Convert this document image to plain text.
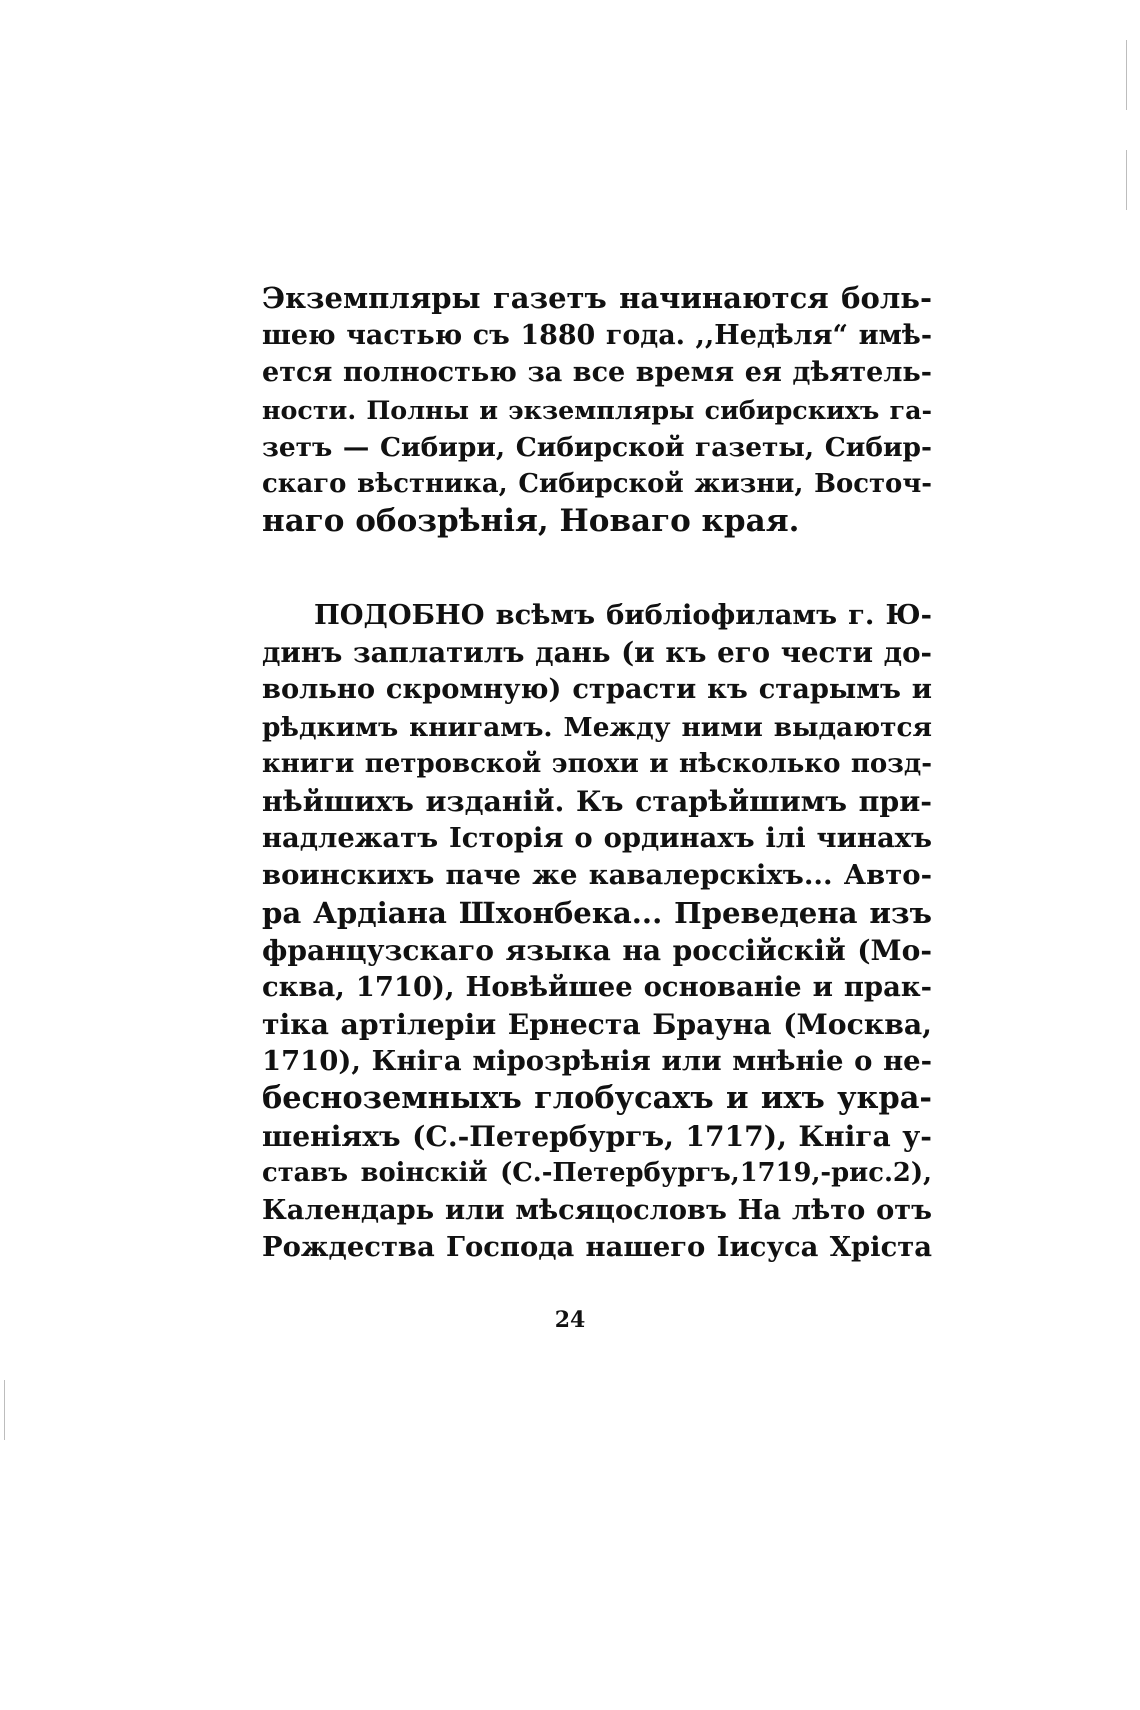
Экземпляры газетъ начинаются боль-
шею частью съ 1880 года. ,,Недѣля“ имѣ-
ется полностью за все время ея дѣятель-
ности. Полны и экземпляры сибирскихъ га-
зетъ — Сибири, Сибирской газеты, Сибир-
скаго вѣстника, Сибирской жизни, Восточ-
наго обозрѣнія, Новаго края.
ПОДОБНО всѣмъ библіофиламъ г. Ю-
динъ заплатилъ дань (и къ его чести до-
вольно скромную) страсти къ старымъ и
рѣдкимъ книгамъ. Между ними выдаются
книги петровской эпохи и нѣсколько позд-
нѣйшихъ изданій. Къ старѣйшимъ при-
надлежатъ Історія о ординахъ ілі чинахъ
воинскихъ паче же кавалерскіхъ... Авто-
ра Ардіана Шхонбека... Преведена изъ
французскаго языка на россійскій (Мо-
сква, 1710), Новѣйшее основаніе и прак-
тіка артілеріи Ернеста Брауна (Москва,
1710), Кніга мірозрѣнія или мнѣніе о не-
бесноземныхъ глобусахъ и ихъ укра-
шеніяхъ (С.-Петербургъ, 1717), Кніга у-
ставъ воінскій (С.-Петербургъ,1719,-рис.2),
Календарь или мѣсяцословъ На лѣто отъ
Рождества Господа нашего Іисуса Хріста
24
